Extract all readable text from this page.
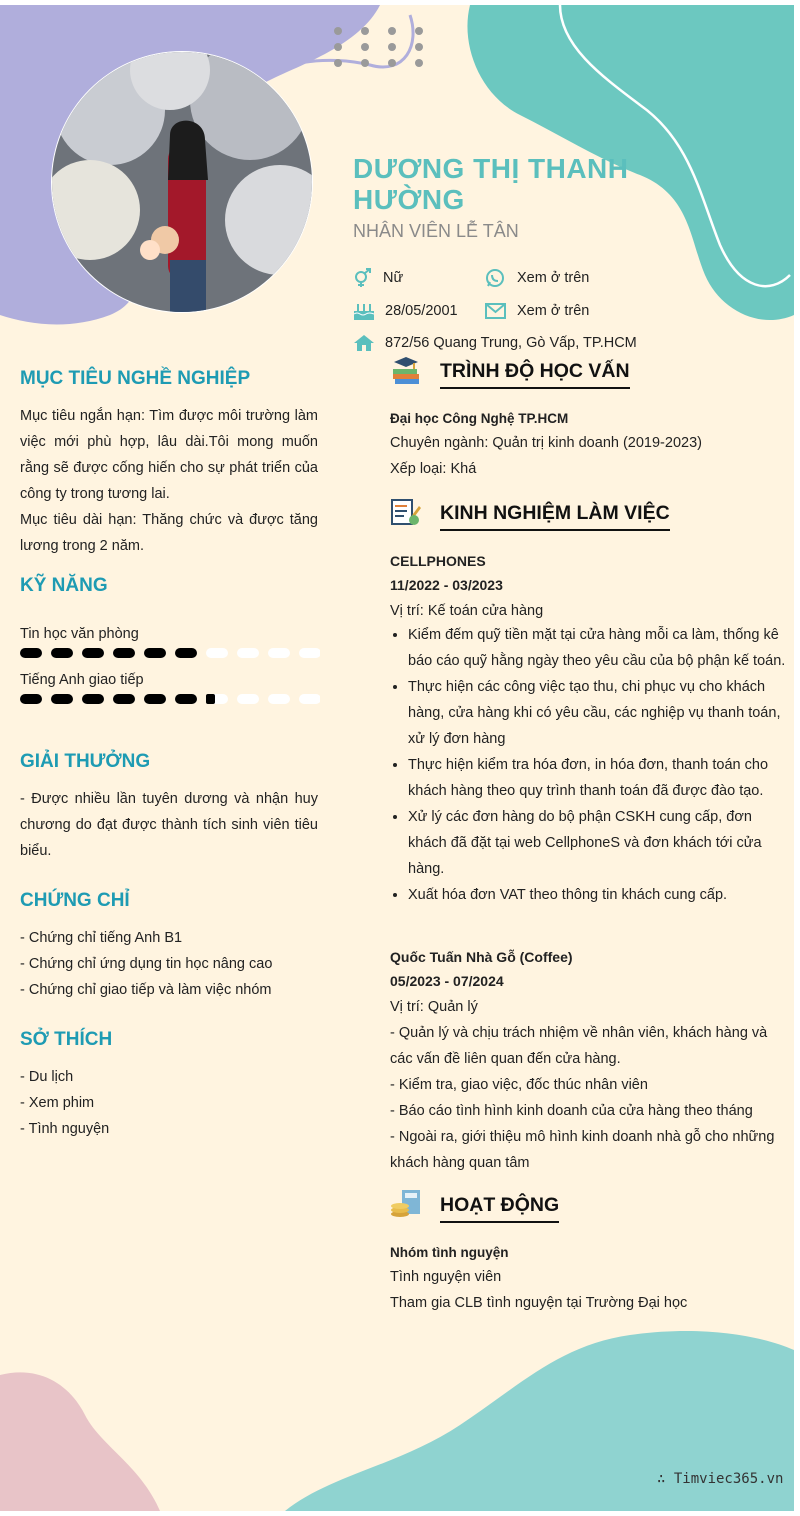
DƯƠNG THỊ THANH HƯỜNG
NHÂN VIÊN LỄ TÂN
Nữ	Xem ở trên
28/05/2001	Xem ở trên
872/56 Quang Trung, Gò Vấp, TP.HCM
MỤC TIÊU NGHỀ NGHIỆP
Mục tiêu ngắn hạn: Tìm được môi trường làm việc mới phù hợp, lâu dài.Tôi mong muốn rằng sẽ được cống hiến cho sự phát triển của công ty trong tương lai.
Mục tiêu dài hạn: Thăng chức và được tăng lương trong 2 năm.
KỸ NĂNG
Tin học văn phòng
Tiếng Anh giao tiếp
GIẢI THƯỞNG
- Được nhiều lần tuyên dương và nhận huy chương do đạt được thành tích sinh viên tiêu biểu.
CHỨNG CHỈ
- Chứng chỉ tiếng Anh B1
- Chứng chỉ ứng dụng tin học nâng cao
- Chứng chỉ giao tiếp và làm việc nhóm
SỞ THÍCH
- Du lịch
- Xem phim
- Tình nguyện
TRÌNH ĐỘ HỌC VẤN
Đại học Công Nghệ TP.HCM
Chuyên ngành: Quản trị kinh doanh (2019-2023)
Xếp loại: Khá
KINH NGHIỆM LÀM VIỆC
CELLPHONES
11/2022 - 03/2023
Vị trí: Kế toán cửa hàng
• Kiểm đếm quỹ tiền mặt tại cửa hàng mỗi ca làm, thống kê báo cáo quỹ hằng ngày theo yêu cầu của bộ phận kế toán.
• Thực hiện các công việc tạo thu, chi phục vụ cho khách hàng, cửa hàng khi có yêu cầu, các nghiệp vụ thanh toán, xử lý đơn hàng
• Thực hiện kiểm tra hóa đơn, in hóa đơn, thanh toán cho khách hàng theo quy trình thanh toán đã được đào tạo.
• Xử lý các đơn hàng do bộ phận CSKH cung cấp, đơn khách đã đặt tại web CellphoneS và đơn khách tới cửa hàng.
• Xuất hóa đơn VAT theo thông tin khách cung cấp.
Quốc Tuấn Nhà Gỗ (Coffee)
05/2023 - 07/2024
Vị trí: Quản lý
- Quản lý và chịu trách nhiệm về nhân viên, khách hàng và các vấn đề liên quan đến cửa hàng.
- Kiểm tra, giao việc, đốc thúc nhân viên
- Báo cáo tình hình kinh doanh của cửa hàng theo tháng
- Ngoài ra, giới thiệu mô hình kinh doanh nhà gỗ cho những khách hàng quan tâm
HOẠT ĐỘNG
Nhóm tình nguyện
Tình nguyện viên
Tham gia CLB tình nguyện tại Trường Đại học
∴ Timviec365.vn
